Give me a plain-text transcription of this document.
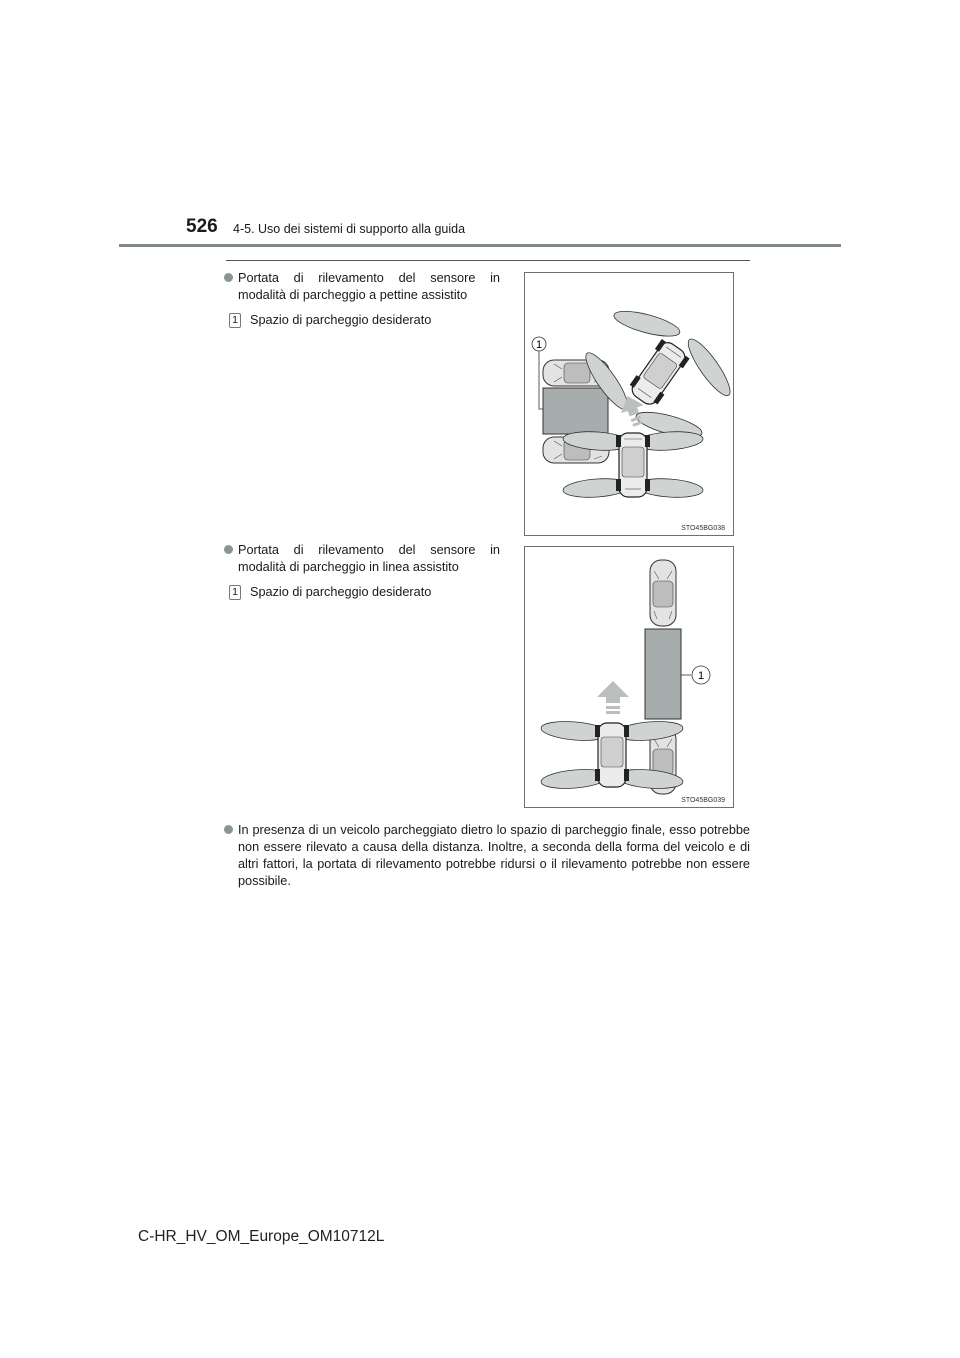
526 4-5. Uso dei sistemi di supporto alla guida
Portata di rilevamento del sensore in
modalità di parcheggio a pettine assistito
1 Spazio di parcheggio desiderato
1
STO45BG038
Portata di rilevamento del sensore in
modalità di parcheggio in linea assistito
1 Spazio di parcheggio desiderato
1
STO45BG039
In presenza di un veicolo parcheggiato dietro lo spazio di parcheggio finale, esso potrebbe non essere rilevato a causa della distanza. Inoltre, a seconda della forma del veicolo e di altri fattori, la portata di rilevamento potrebbe ridursi o il rilevamento potrebbe non essere possibile.
C-HR_HV_OM_Europe_OM10712L
